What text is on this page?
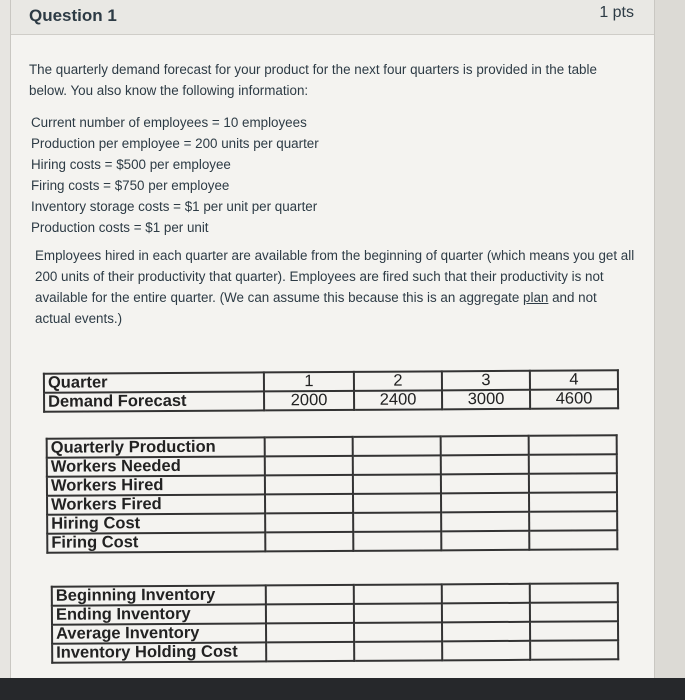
Question 1	1 pts
The quarterly demand forecast for your product for the next four quarters is provided in the table below. You also know the following information:
Current number of employees = 10 employees
Production per employee = 200 units per quarter
Hiring costs = $500 per employee
Firing costs = $750 per employee
Inventory storage costs = $1 per unit per quarter
Production costs = $1 per unit
Employees hired in each quarter are available from the beginning of quarter (which means you get all 200 units of their productivity that quarter). Employees are fired such that their productivity is not available for the entire quarter. (We can assume this because this is an aggregate plan and not actual events.)
Quarter	1	2	3	4
Demand Forecast	2000	2400	3000	4600
Quarterly Production				
Workers Needed				
Workers Hired				
Workers Fired				
Hiring Cost				
Firing Cost				
Beginning Inventory				
Ending Inventory				
Average Inventory				
Inventory Holding Cost				
